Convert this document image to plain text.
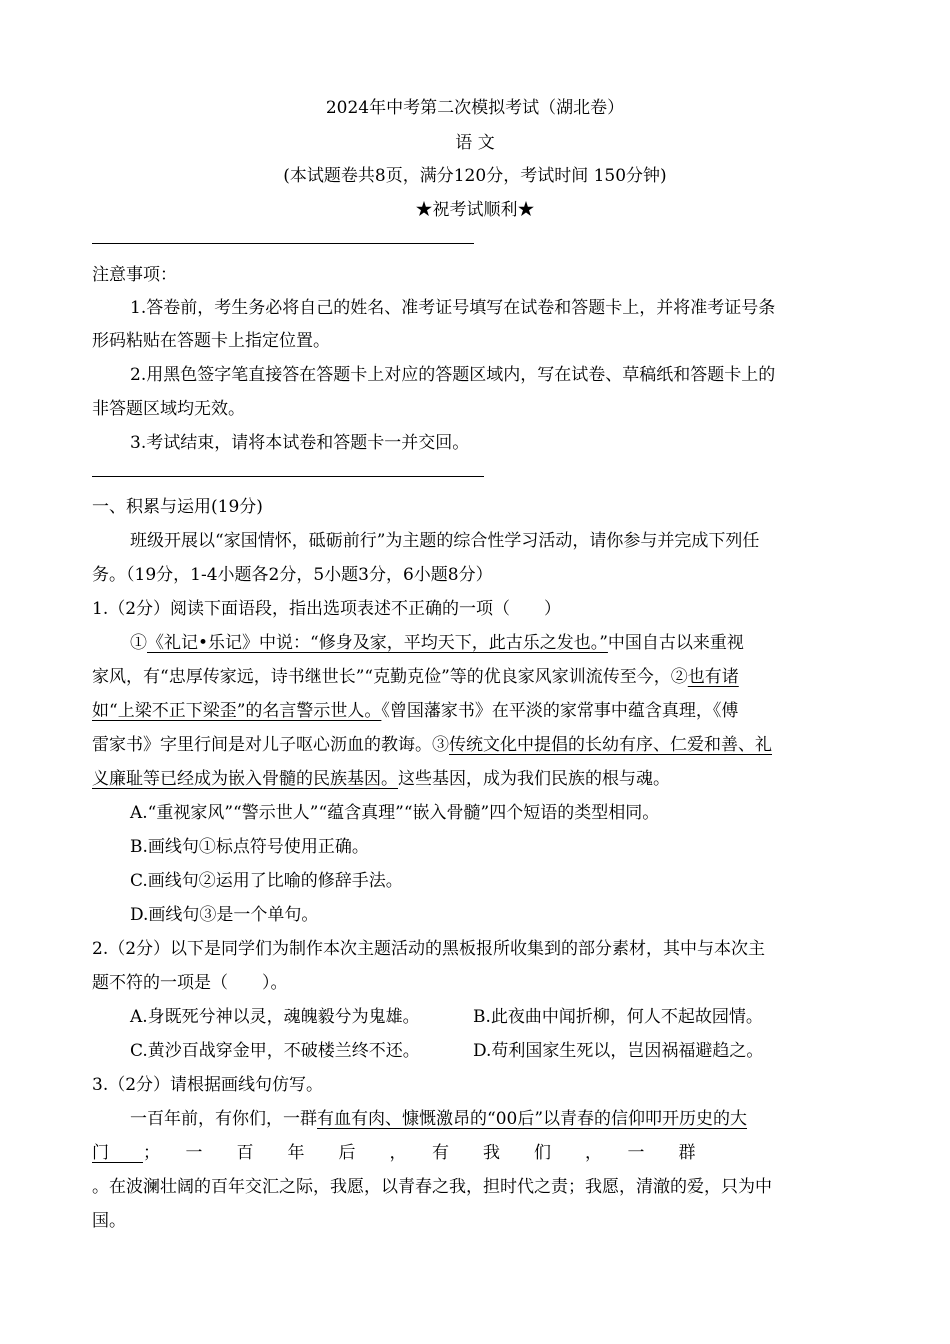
2024年中考第二次模拟考试（湖北卷）
语 文
(本试题卷共8页，满分120分，考试时间 150分钟)
★祝考试顺利★
注意事项：
1.答卷前，考生务必将自己的姓名、准考证号填写在试卷和答题卡上，并将准考证号条
形码粘贴在答题卡上指定位置。
2.用黑色签字笔直接答在答题卡上对应的答题区域内，写在试卷、草稿纸和答题卡上的
非答题区域均无效。
3.考试结束，请将本试卷和答题卡一并交回。
一、积累与运用(19分)
班级开展以“家国情怀，砥砺前行”为主题的综合性学习活动，请你参与并完成下列任
务。（19分，1-4小题各2分，5小题3分，6小题8分）
1.（2分）阅读下面语段，指出选项表述不正确的一项（　　）
①《礼记•乐记》中说：“修身及家，平均天下，此古乐之发也。”中国自古以来重视
家风，有“忠厚传家远，诗书继世长”“克勤克俭”等的优良家风家训流传至今，②也有诸
如“上梁不正下梁歪”的名言警示世人。《曾国藩家书》在平淡的家常事中蕴含真理，《傅
雷家书》字里行间是对儿子呕心沥血的教诲。③传统文化中提倡的长幼有序、仁爱和善、礼
义廉耻等已经成为嵌入骨髓的民族基因。这些基因，成为我们民族的根与魂。
A.“重视家风”“警示世人”“蕴含真理”“嵌入骨髓”四个短语的类型相同。
B.画线句①标点符号使用正确。
C.画线句②运用了比喻的修辞手法。
D.画线句③是一个单句。
2.（2分）以下是同学们为制作本次主题活动的黑板报所收集到的部分素材，其中与本次主
题不符的一项是（　　）。
A.身既死兮神以灵，魂魄毅兮为鬼雄。	B.此夜曲中闻折柳，何人不起故园情。
C.黄沙百战穿金甲，不破楼兰终不还。	D.苟利国家生死以，岂因祸福避趋之。
3.（2分）请根据画线句仿写。
一百年前，有你们，一群有血有肉、慷慨激昂的“00后”以青春的信仰叩开历史的大
门　　 ；　　一　　百　　年　　后　　，　　有　　我　　们　　，　　一　　群
。在波澜壮阔的百年交汇之际，我愿，以青春之我，担时代之责；我愿，清澈的爱，只为中
国。
